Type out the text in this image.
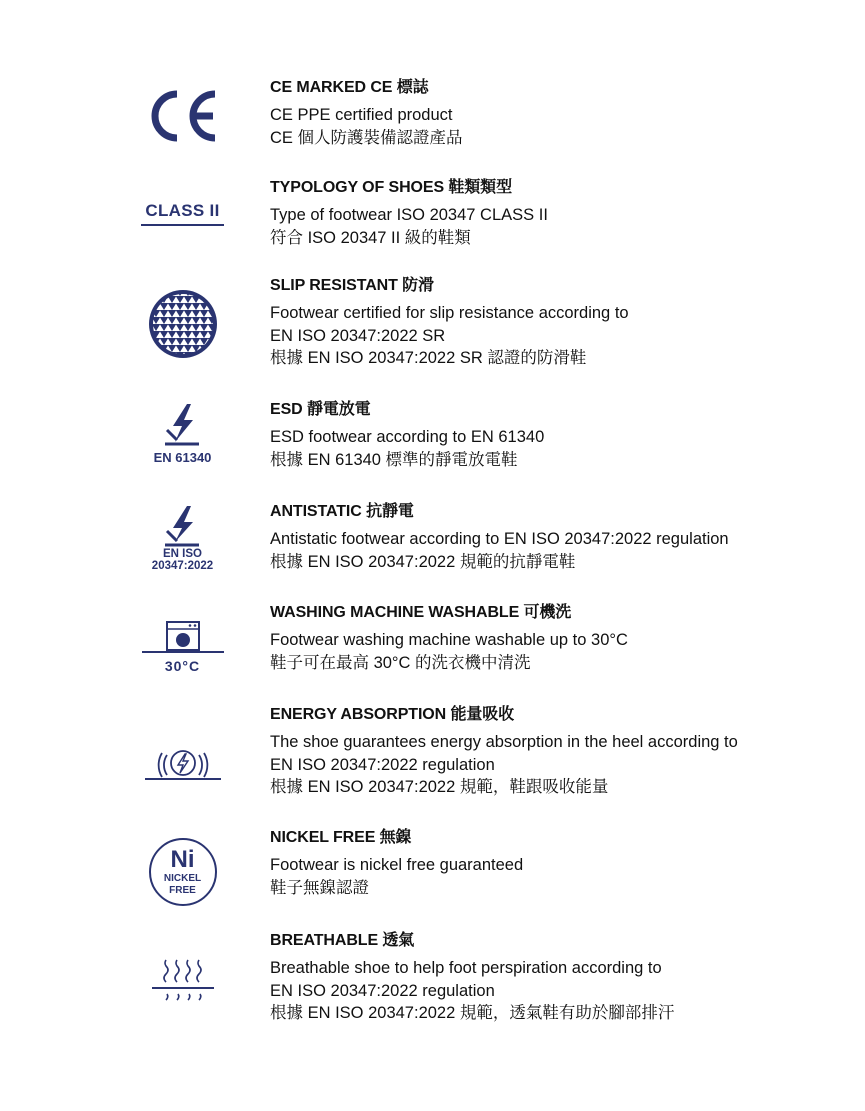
CE MARKED CE 標誌
CE PPE certified product
CE 個人防護裝備認證產品
CLASS II
TYPOLOGY OF SHOES 鞋類類型
Type of footwear ISO 20347 CLASS II
符合 ISO 20347 II 級的鞋類
SLIP RESISTANT 防滑
Footwear certified for slip resistance according to
EN ISO 20347:2022 SR
根據 EN ISO 20347:2022 SR 認證的防滑鞋
EN 61340
ESD 靜電放電
ESD footwear according to EN 61340
根據 EN 61340 標準的靜電放電鞋
EN ISO
20347:2022
ANTISTATIC 抗靜電
Antistatic footwear according to EN ISO 20347:2022 regulation
根據 EN ISO 20347:2022 規範的抗靜電鞋
30°C
WASHING MACHINE WASHABLE 可機洗
Footwear washing machine washable up to 30°C
鞋子可在最高 30°C 的洗衣機中清洗
ENERGY ABSORPTION 能量吸收
The shoe guarantees energy absorption in the heel according to
EN ISO 20347:2022 regulation
根據 EN ISO 20347:2022 規範，鞋跟吸收能量
Ni
NICKEL
FREE
NICKEL FREE 無鎳
Footwear is nickel free guaranteed
鞋子無鎳認證
BREATHABLE 透氣
Breathable shoe to help foot perspiration according to
EN ISO 20347:2022 regulation
根據 EN ISO 20347:2022 規範，透氣鞋有助於腳部排汗
